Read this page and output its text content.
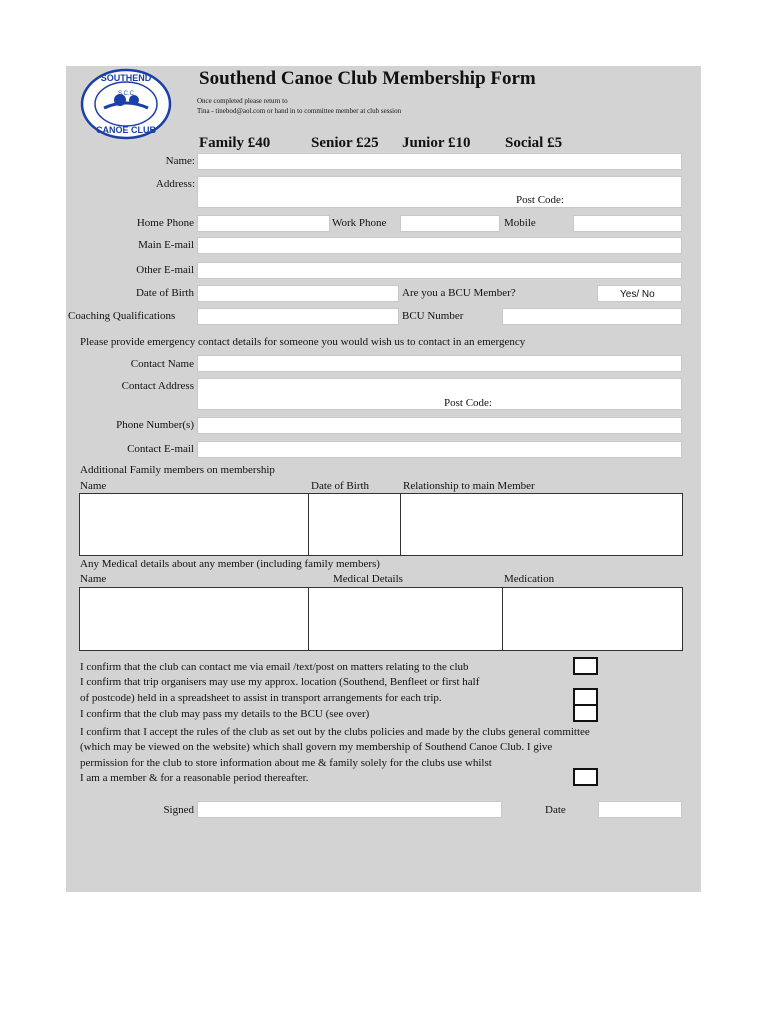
SOUTHEND
S.C.C
CANOE CLUB
Southend Canoe Club Membership Form
Once completed please return to
Tina - tinebod@aol.com or hand in to committee member at club session
Family £40	Senior £25 Junior £10 Social £5
Name:
Address:
Post Code:
Home Phone	Work Phone	Mobile
Main E-mail
Other E-mail
Date of Birth	Are you a BCU Member?	Yes/ No
Coaching Qualifications	BCU Number
Please provide emergency contact details for someone you would wish us to contact in an emergency
Contact Name
Contact Address
Post Code:
Phone Number(s)
Contact E-mail
Additional Family members on membership
Name	Date of Birth	Relationship to main Member
Any Medical details about any member (including family members)
Name	Medical Details	Medication
I confirm that the club can contact me via email /text/post on matters relating to the club
I confirm that trip organisers may use my approx. location (Southend, Benfleet or first half
of postcode) held in a spreadsheet to assist in transport arrangements for each trip.
I confirm that the club may pass my details to the BCU (see over)
I confirm that I accept the rules of the club as set out by the clubs policies and made by the clubs general committee
(which may be viewed on the website) which shall govern my membership of Southend Canoe Club. I give
permission for the club to store information about me & family solely for the clubs use whilst
I am a member & for a reasonable period thereafter.
Signed	Date
